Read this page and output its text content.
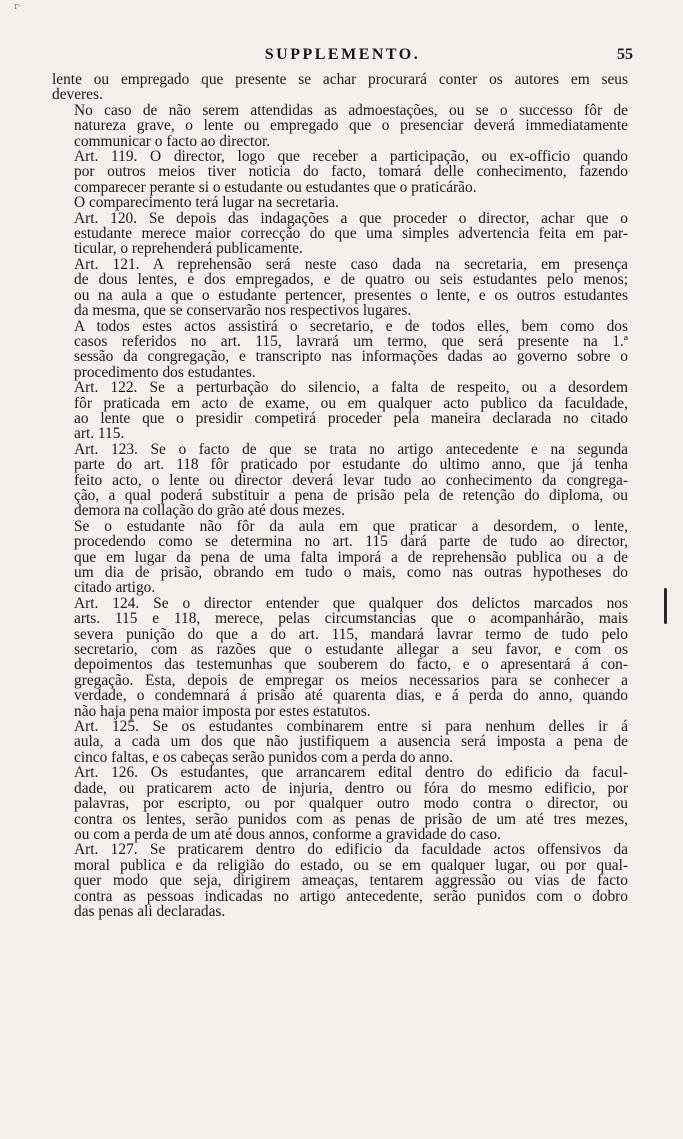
r·
SUPPLEMENTO.	55
lente ou empregado que presente se achar procurará conter os autores em seus
deveres.
No caso de não serem attendidas as admoestações, ou se o successo fôr de
natureza grave, o lente ou empregado que o presenciar deverá immediatamente
communicar o facto ao director.
Art. 119. O director, logo que receber a participação, ou ex-officio quando
por outros meios tiver noticia do facto, tomará delle conhecimento, fazendo
comparecer perante si o estudante ou estudantes que o praticárão.
O comparecimento terá lugar na secretaria.
Art. 120. Se depois das indagações a que proceder o director, achar que o
estudante merece maior correcção do que uma simples advertencia feita em par-
ticular, o reprehenderá publicamente.
Art. 121. A reprehensão será neste caso dada na secretaria, em presença
de dous lentes, e dos empregados, e de quatro ou seis estudantes pelo menos;
ou na aula a que o estudante pertencer, presentes o lente, e os outros estudantes
da mesma, que se conservarão nos respectivos lugares.
A todos estes actos assistirá o secretario, e de todos elles, bem como dos
casos referidos no art. 115, lavrará um termo, que será presente na 1.ª
sessão da congregação, e transcripto nas informações dadas ao governo sobre o
procedimento dos estudantes.
Art. 122. Se a perturbação do silencio, a falta de respeito, ou a desordem
fôr praticada em acto de exame, ou em qualquer acto publico da faculdade,
ao lente que o presidir competirá proceder pela maneira declarada no citado
art. 115.
Art. 123. Se o facto de que se trata no artigo antecedente e na segunda
parte do art. 118 fôr praticado por estudante do ultimo anno, que já tenha
feito acto, o lente ou director deverá levar tudo ao conhecimento da congrega-
ção, a qual poderá substituir a pena de prisão pela de retenção do diploma, ou
demora na collação do grão até dous mezes.
Se o estudante não fôr da aula em que praticar a desordem, o lente,
procedendo como se determina no art. 115 dará parte de tudo ao director,
que em lugar da pena de uma falta imporá a de reprehensão publica ou a de
um dia de prisão, obrando em tudo o mais, como nas outras hypotheses do
citado artigo.
Art. 124. Se o director entender que qualquer dos delictos marcados nos
arts. 115 e 118, merece, pelas circumstancias que o acompanhárão, mais
severa punição do que a do art. 115, mandará lavrar termo de tudo pelo
secretario, com as razões que o estudante allegar a seu favor, e com os
depoimentos das testemunhas que souberem do facto, e o apresentará á con-
gregação. Esta, depois de empregar os meios necessarios para se conhecer a
verdade, o condemnará á prisão até quarenta dias, e á perda do anno, quando
não haja pena maior imposta por estes estatutos.
Art. 125. Se os estudantes combinarem entre si para nenhum delles ir á
aula, a cada um dos que não justifiquem a ausencia será imposta a pena de
cinco faltas, e os cabeças serão punidos com a perda do anno.
Art. 126. Os estudantes, que arrancarem edital dentro do edificio da facul-
dade, ou praticarem acto de injuria, dentro ou fóra do mesmo edificio, por
palavras, por escripto, ou por qualquer outro modo contra o director, ou
contra os lentes, serão punidos com as penas de prisão de um até tres mezes,
ou com a perda de um até dous annos, conforme a gravidade do caso.
Art. 127. Se praticarem dentro do edificio da faculdade actos offensivos da
moral publica e da religião do estado, ou se em qualquer lugar, ou por qual-
quer modo que seja, dirigirem ameaças, tentarem aggressão ou vias de facto
contra as pessoas indicadas no artigo antecedente, serão punidos com o dobro
das penas ali declaradas.
